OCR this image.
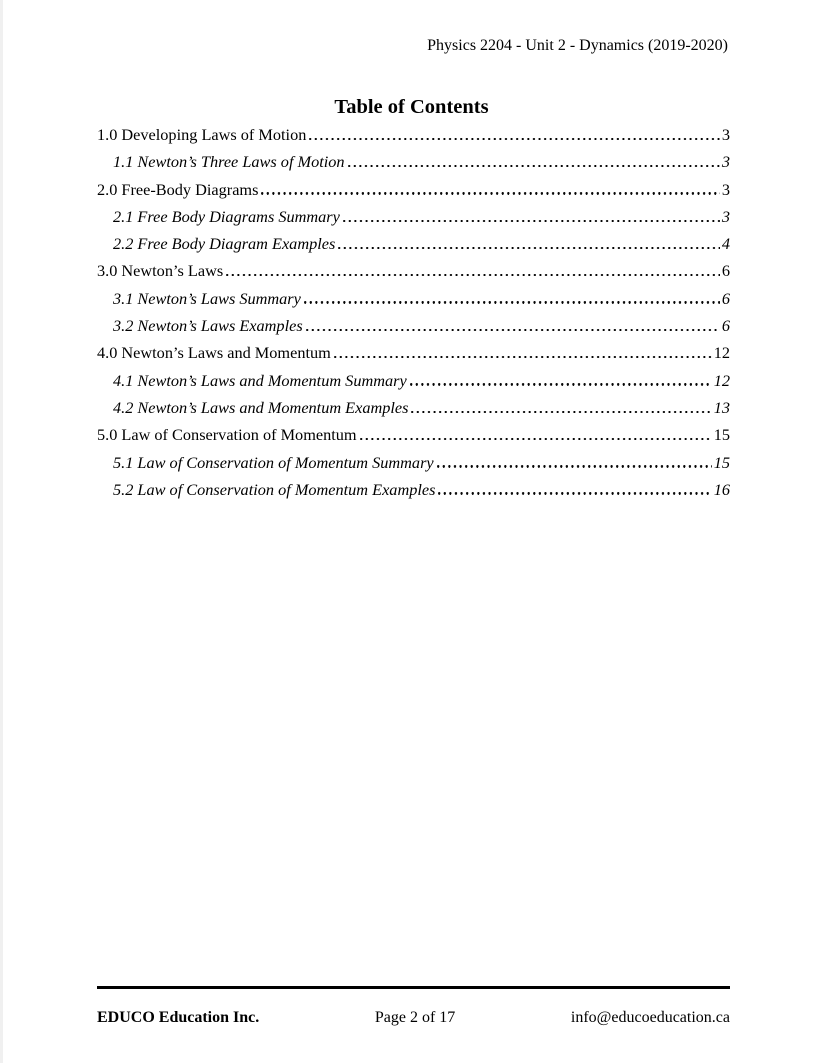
Physics 2204 - Unit 2 - Dynamics (2019-2020)
Table of Contents
1.0 Developing Laws of Motion	3
1.1 Newton’s Three Laws of Motion	3
2.0 Free-Body Diagrams	3
2.1 Free Body Diagrams Summary	3
2.2 Free Body Diagram Examples	4
3.0 Newton’s Laws	6
3.1 Newton’s Laws Summary	6
3.2 Newton’s Laws Examples	6
4.0 Newton’s Laws and Momentum	12
4.1 Newton’s Laws and Momentum Summary	12
4.2 Newton’s Laws and Momentum Examples	13
5.0 Law of Conservation of Momentum	15
5.1 Law of Conservation of Momentum Summary	15
5.2 Law of Conservation of Momentum Examples	16
EDUCO Education Inc.	Page 2 of 17	info@educoeducation.ca
